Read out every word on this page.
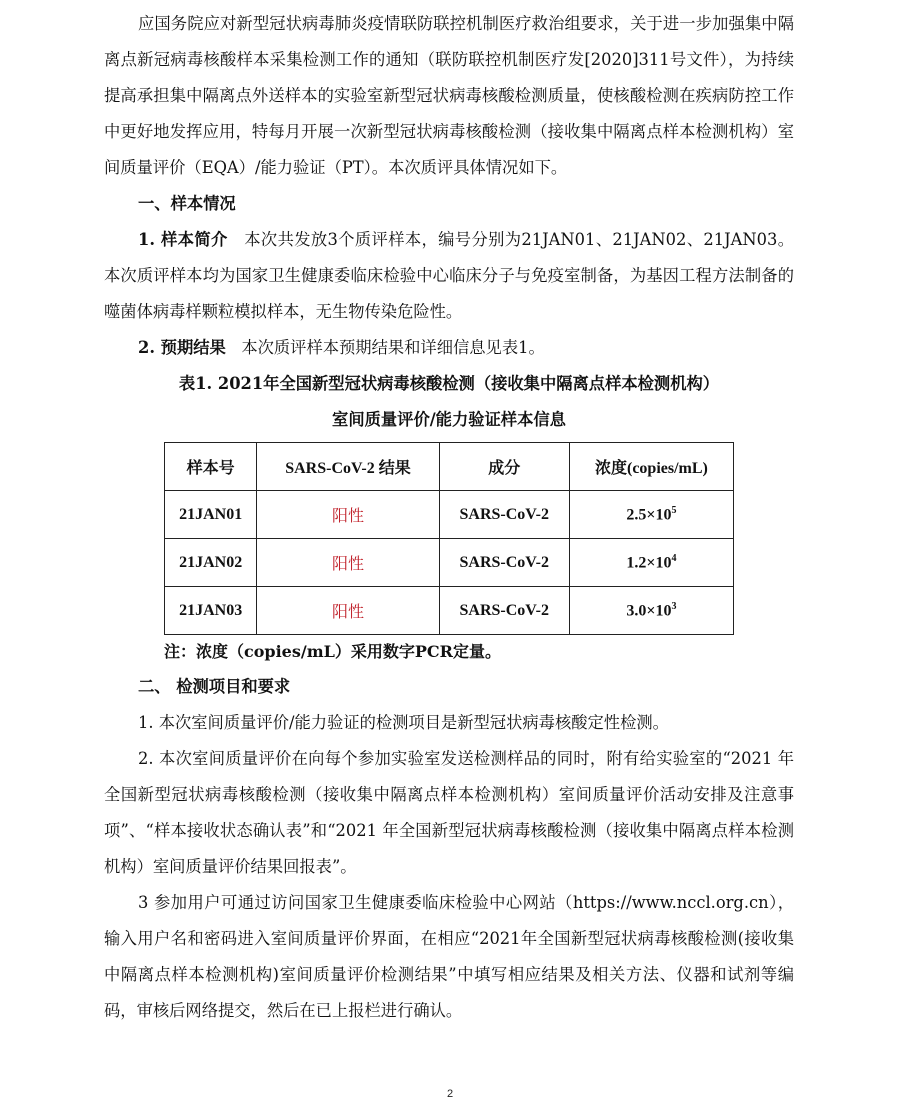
应国务院应对新型冠状病毒肺炎疫情联防联控机制医疗救治组要求，关于进一步加强集中隔离点新冠病毒核酸样本采集检测工作的通知（联防联控机制医疗发[2020]311号文件），为持续提高承担集中隔离点外送样本的实验室新型冠状病毒核酸检测质量，使核酸检测在疾病防控工作中更好地发挥应用，特每月开展一次新型冠状病毒核酸检测（接收集中隔离点样本检测机构）室间质量评价（EQA）/能力验证（PT）。本次质评具体情况如下。

一、样本情况

1. 样本简介 本次共发放3个质评样本，编号分别为21JAN01、21JAN02、21JAN03。本次质评样本均为国家卫生健康委临床检验中心临床分子与免疫室制备，为基因工程方法制备的噬菌体病毒样颗粒模拟样本，无生物传染危险性。

2. 预期结果 本次质评样本预期结果和详细信息见表1。

表1. 2021年全国新型冠状病毒核酸检测（接收集中隔离点样本检测机构）

室间质量评价/能力验证样本信息

样本号	SARS-CoV-2 结果	成分	浓度(copies/mL)
21JAN01	阳性	SARS-CoV-2	$2.5\times 10^5$
21JAN02	阳性	SARS-CoV-2	$1.2\times 10^4$
21JAN03	阳性	SARS-CoV-2	$3.0\times 10^3$

注：浓度（copies/mL）采用数字PCR定量。

二、 检测项目和要求

1. 本次室间质量评价/能力验证的检测项目是新型冠状病毒核酸定性检测。

2. 本次室间质量评价在向每个参加实验室发送检测样品的同时，附有给实验室的“2021 年全国新型冠状病毒核酸检测（接收集中隔离点样本检测机构）室间质量评价活动安排及注意事项”、“样本接收状态确认表”和“2021 年全国新型冠状病毒核酸检测（接收集中隔离点样本检测机构）室间质量评价结果回报表”。

3 参加用户可通过访问国家卫生健康委临床检验中心网站（https://www.nccl.org.cn），输入用户名和密码进入室间质量评价界面，在相应“2021年全国新型冠状病毒核酸检测(接收集中隔离点样本检测机构)室间质量评价检测结果”中填写相应结果及相关方法、仪器和试剂等编码，审核后网络提交，然后在已上报栏进行确认。

2
